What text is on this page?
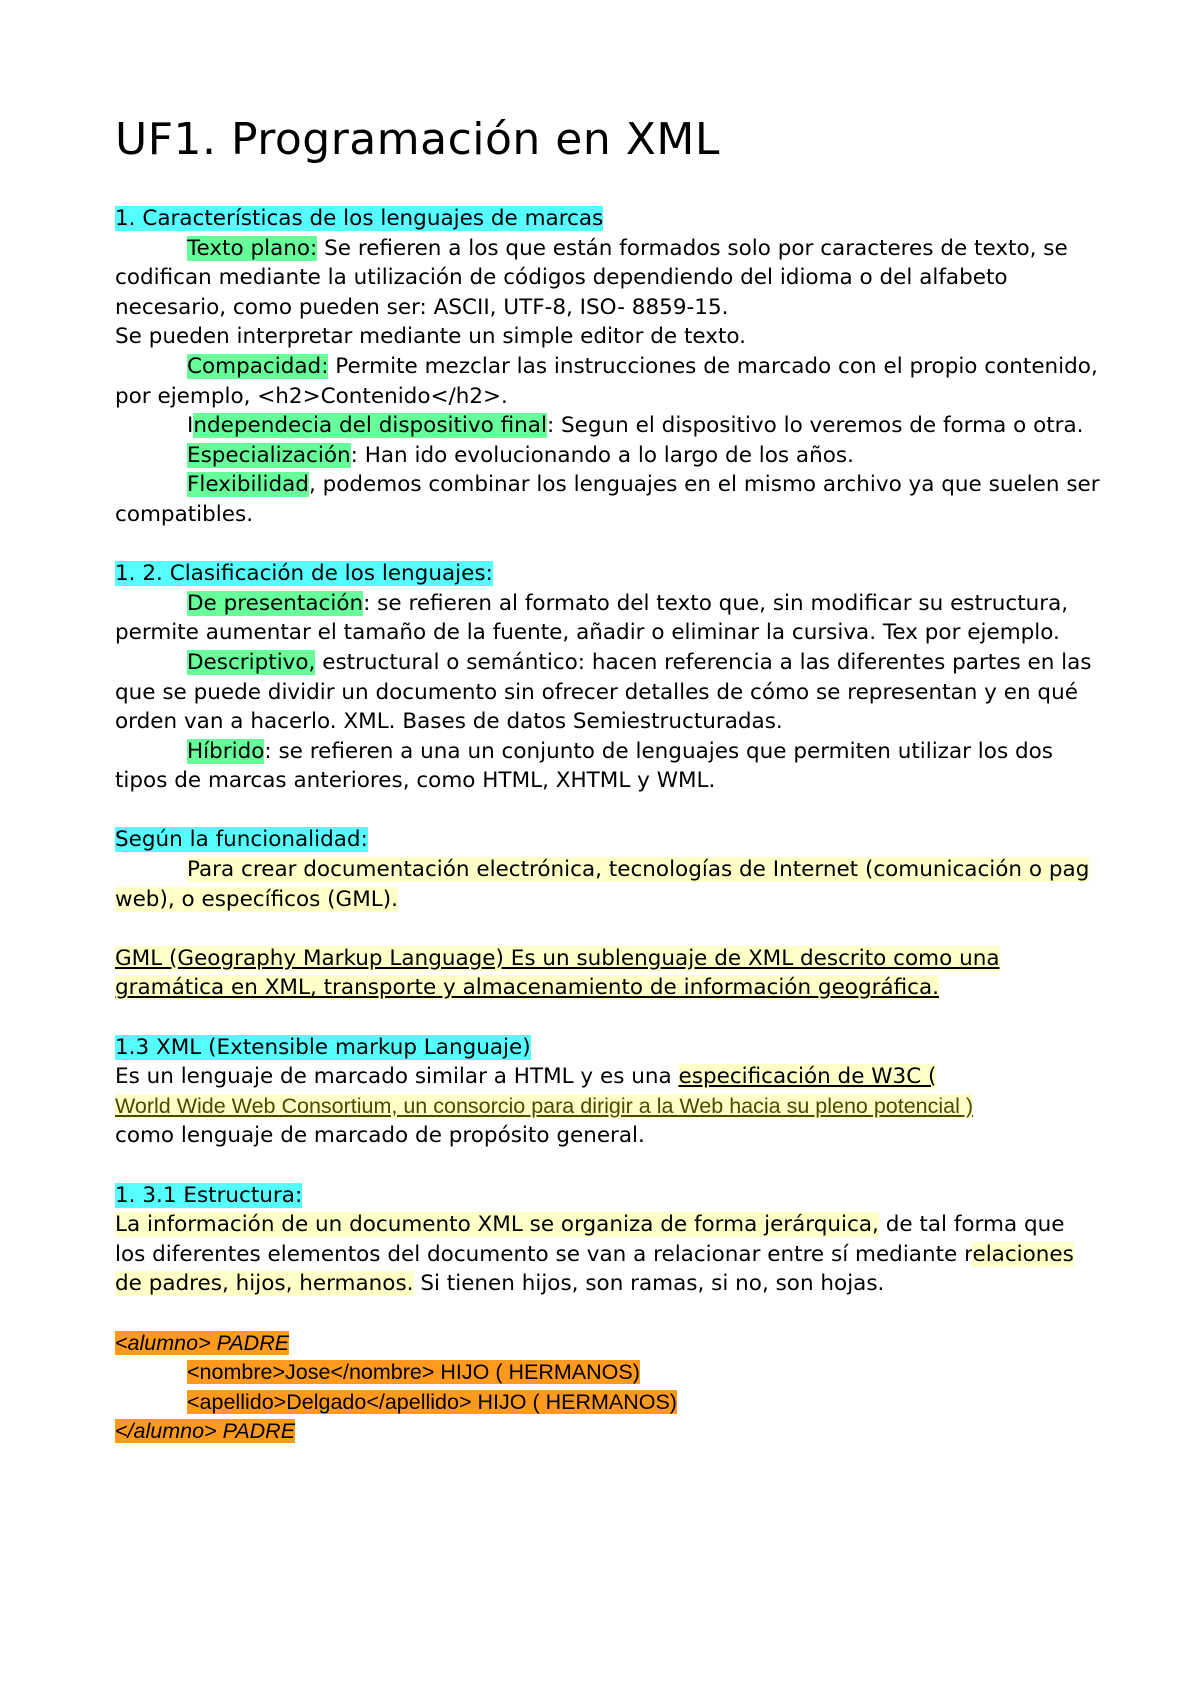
UF1. Programación en XML

1. Características de los lenguajes de marcas

Texto plano: Se refieren a los que están formados solo por caracteres de texto, se codifican mediante la utilización de códigos dependiendo del idioma o del alfabeto necesario, como pueden ser: ASCII, UTF-8, ISO- 8859-15.

Se pueden interpretar mediante un simple editor de texto.

Compacidad: Permite mezclar las instrucciones de marcado con el propio contenido, por ejemplo, <h2>Contenido</h2>.

Independecia del dispositivo final: Segun el dispositivo lo veremos de forma o otra.

Especialización: Han ido evolucionando a lo largo de los años.

Flexibilidad, podemos combinar los lenguajes en el mismo archivo ya que suelen ser compatibles.

1. 2. Clasificación de los lenguajes:

De presentación: se refieren al formato del texto que, sin modificar su estructura, permite aumentar el tamaño de la fuente, añadir o eliminar la cursiva. Tex por ejemplo.

Descriptivo, estructural o semántico: hacen referencia a las diferentes partes en las que se puede dividir un documento sin ofrecer detalles de cómo se representan y en qué orden van a hacerlo. XML. Bases de datos Semiestructuradas.

Híbrido: se refieren a una un conjunto de lenguajes que permiten utilizar los dos tipos de marcas anteriores, como HTML, XHTML y WML.

Según la funcionalidad:

Para crear documentación electrónica, tecnologías de Internet (comunicación o pag web), o específicos (GML).

GML (Geography Markup Language) Es un sublenguaje de XML descrito como una gramática en XML, transporte y almacenamiento de información geográfica.

1.3 XML (Extensible markup Languaje)

Es un lenguaje de marcado similar a HTML y es una especificación de W3C (

World Wide Web Consortium, un consorcio para dirigir a la Web hacia su pleno potencial )

como lenguaje de marcado de propósito general.

1. 3.1 Estructura:

La información de un documento XML se organiza de forma jerárquica, de tal forma que los diferentes elementos del documento se van a relacionar entre sí mediante relaciones de padres, hijos, hermanos. Si tienen hijos, son ramas, si no, son hojas.

<alumno> PADRE

<nombre>Jose</nombre> HIJO ( HERMANOS)

<apellido>Delgado</apellido> HIJO ( HERMANOS)

</alumno> PADRE
